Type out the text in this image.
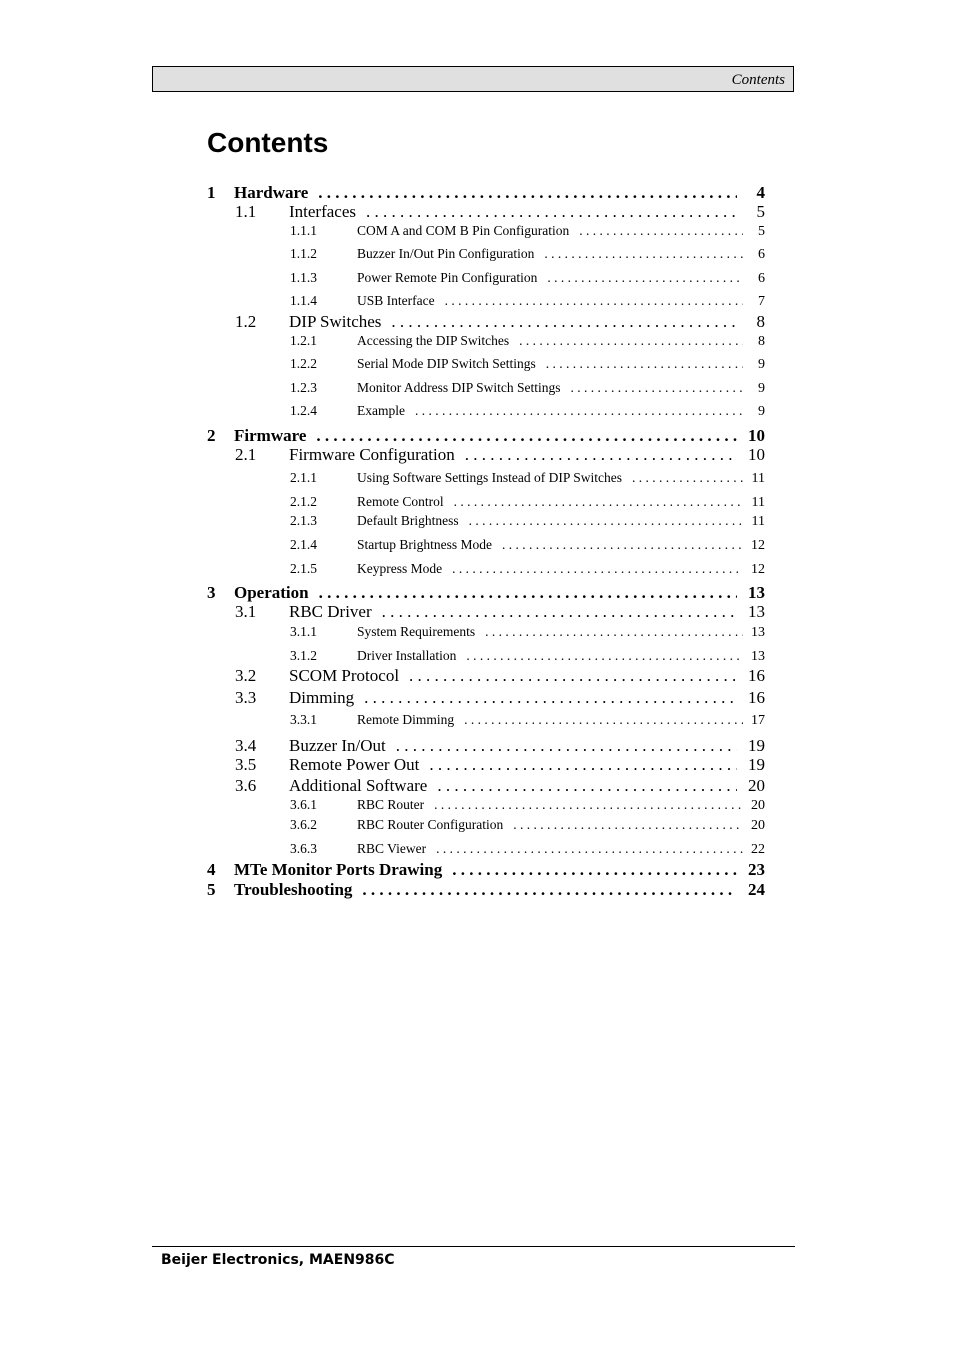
Contents
Contents
1	Hardware . . .	4
1.1	Interfaces . . .	5
1.1.1	COM A and COM B Pin Configuration . . .	5
1.1.2	Buzzer In/Out Pin Configuration . . .	6
1.1.3	Power Remote Pin Configuration . . .	6
1.1.4	USB Interface . . .	7
1.2	DIP Switches . . .	8
1.2.1	Accessing the DIP Switches . . .	8
1.2.2	Serial Mode DIP Switch Settings . . .	9
1.2.3	Monitor Address DIP Switch Settings . . .	9
1.2.4	Example . . .	9
2	Firmware . . .	10
2.1	Firmware Configuration . . .	10
2.1.1	Using Software Settings Instead of DIP Switches . . .	11
2.1.2	Remote Control . . .	11
2.1.3	Default Brightness . . .	11
2.1.4	Startup Brightness Mode . . .	12
2.1.5	Keypress Mode . . .	12
3	Operation . . .	13
3.1	RBC Driver . . .	13
3.1.1	System Requirements . . .	13
3.1.2	Driver Installation . . .	13
3.2	SCOM Protocol . . .	16
3.3	Dimming . . .	16
3.3.1	Remote Dimming . . .	17
3.4	Buzzer In/Out . . .	19
3.5	Remote Power Out . . .	19
3.6	Additional Software . . .	20
3.6.1	RBC Router . . .	20
3.6.2	RBC Router Configuration . . .	20
3.6.3	RBC Viewer . . .	22
4	MTe Monitor Ports Drawing . . .	23
5	Troubleshooting . . .	24
Beijer Electronics, MAEN986C
